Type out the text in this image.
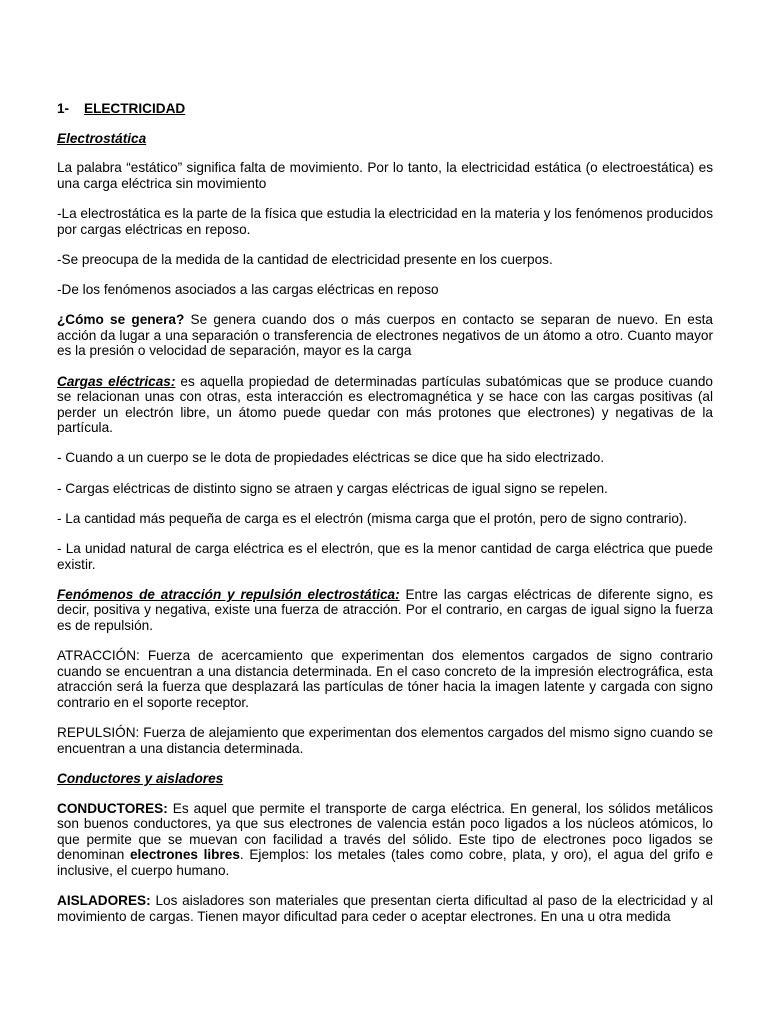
1- ELECTRICIDAD

Electrostática

La palabra “estático” significa falta de movimiento. Por lo tanto, la electricidad estática (o electroestática) es una carga eléctrica sin movimiento

-La electrostática es la parte de la física que estudia la electricidad en la materia y los fenómenos producidos por cargas eléctricas en reposo.

-Se preocupa de la medida de la cantidad de electricidad presente en los cuerpos.

-De los fenómenos asociados a las cargas eléctricas en reposo

¿Cómo se genera? Se genera cuando dos o más cuerpos en contacto se separan de nuevo. En esta acción da lugar a una separación o transferencia de electrones negativos de un átomo a otro. Cuanto mayor es la presión o velocidad de separación, mayor es la carga

Cargas eléctricas: es aquella propiedad de determinadas partículas subatómicas que se produce cuando se relacionan unas con otras, esta interacción es electromagnética y se hace con las cargas positivas (al perder un electrón libre, un átomo puede quedar con más protones que electrones) y negativas de la partícula.

- Cuando a un cuerpo se le dota de propiedades eléctricas se dice que ha sido electrizado.

- Cargas eléctricas de distinto signo se atraen y cargas eléctricas de igual signo se repelen.

- La cantidad más pequeña de carga es el electrón (misma carga que el protón, pero de signo contrario).

- La unidad natural de carga eléctrica es el electrón, que es la menor cantidad de carga eléctrica que puede existir.

Fenómenos de atracción y repulsión electrostática: Entre las cargas eléctricas de diferente signo, es decir, positiva y negativa, existe una fuerza de atracción. Por el contrario, en cargas de igual signo la fuerza es de repulsión.

ATRACCIÓN: Fuerza de acercamiento que experimentan dos elementos cargados de signo contrario cuando se encuentran a una distancia determinada. En el caso concreto de la impresión electrográfica, esta atracción será la fuerza que desplazará las partículas de tóner hacia la imagen latente y cargada con signo contrario en el soporte receptor.

REPULSIÓN: Fuerza de alejamiento que experimentan dos elementos cargados del mismo signo cuando se encuentran a una distancia determinada.

Conductores y aisladores

CONDUCTORES: Es aquel que permite el transporte de carga eléctrica. En general, los sólidos metálicos son buenos conductores, ya que sus electrones de valencia están poco ligados a los núcleos atómicos, lo que permite que se muevan con facilidad a través del sólido. Este tipo de electrones poco ligados se denominan electrones libres. Ejemplos: los metales (tales como cobre, plata, y oro), el agua del grifo e inclusive, el cuerpo humano.

AISLADORES: Los aisladores son materiales que presentan cierta dificultad al paso de la electricidad y al movimiento de cargas. Tienen mayor dificultad para ceder o aceptar electrones. En una u otra medida
